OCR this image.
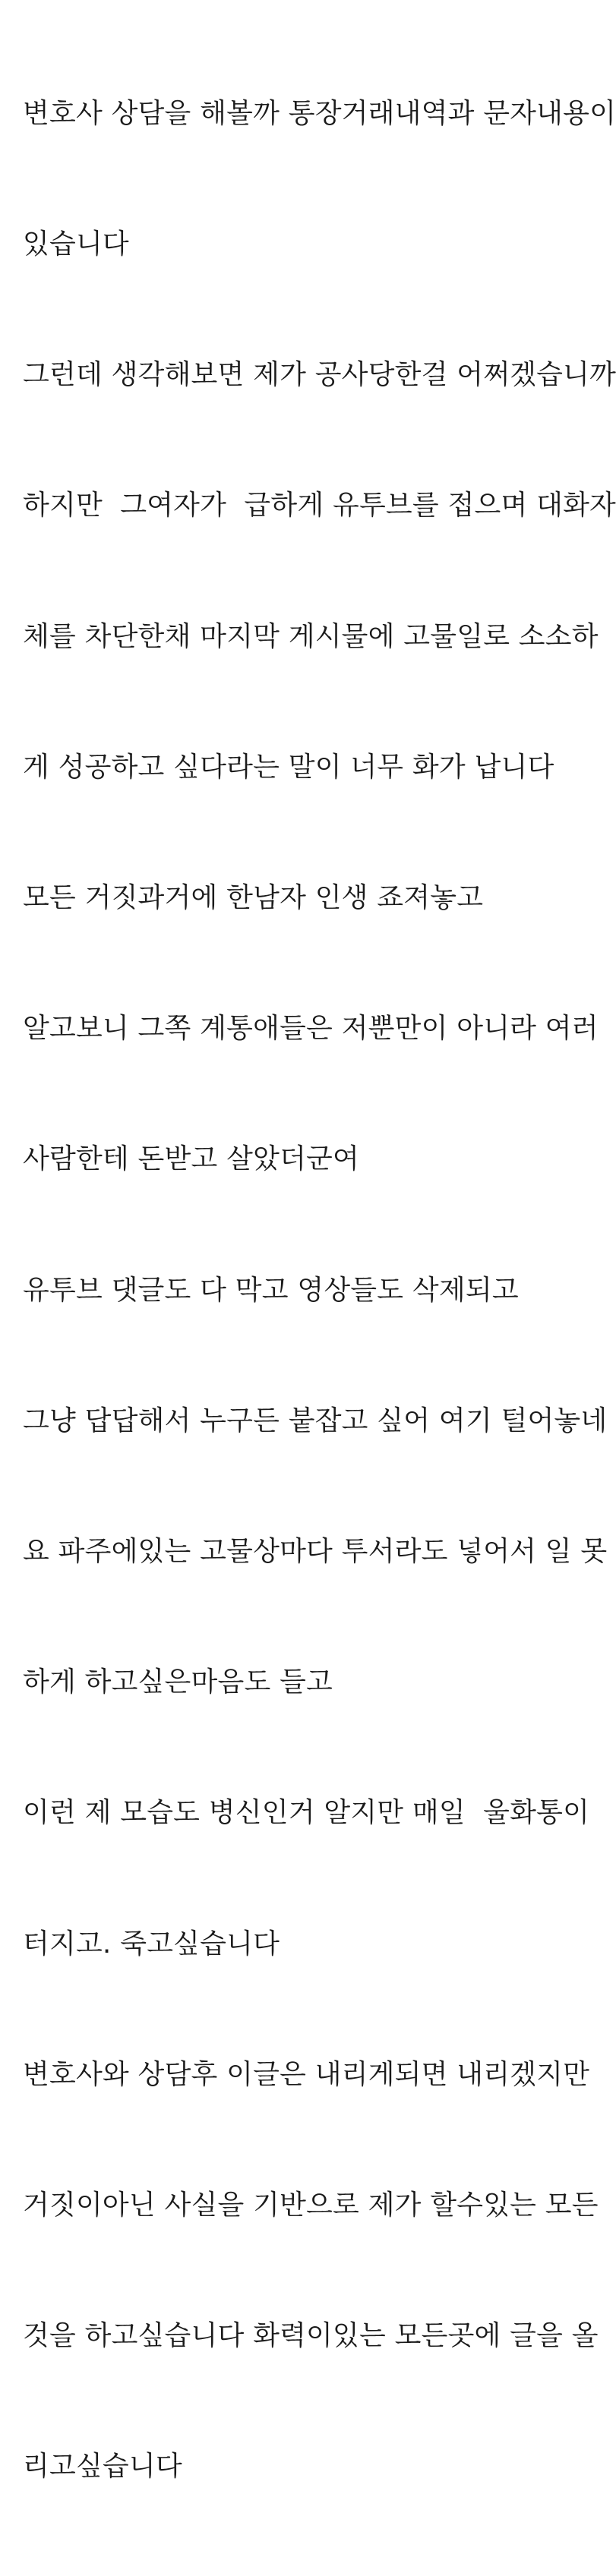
변호사 상담을 해볼까 통장거래내역과 문자내용이

있습니다

그런데 생각해보면 제가 공사당한걸 어쩌겠습니까

하지만  그여자가  급하게 유투브를 접으며 대화자

체를 차단한채 마지막 게시물에 고물일로 소소하

게 성공하고 싶다라는 말이 너무 화가 납니다

모든 거짓과거에 한남자 인생 죠져놓고

알고보니 그쪽 계통애들은 저뿐만이 아니라 여러

사람한테 돈받고 살았더군여

유투브 댓글도 다 막고 영상들도 삭제되고

그냥 답답해서 누구든 붙잡고 싶어 여기 털어놓네

요 파주에있는 고물상마다 투서라도 넣어서 일 못

하게 하고싶은마음도 들고

이런 제 모습도 병신인거 알지만 매일  울화통이

터지고. 죽고싶습니다

변호사와 상담후 이글은 내리게되면 내리겠지만

거짓이아닌 사실을 기반으로 제가 할수있는 모든

것을 하고싶습니다 화력이있는 모든곳에 글을 올

리고싶습니다
